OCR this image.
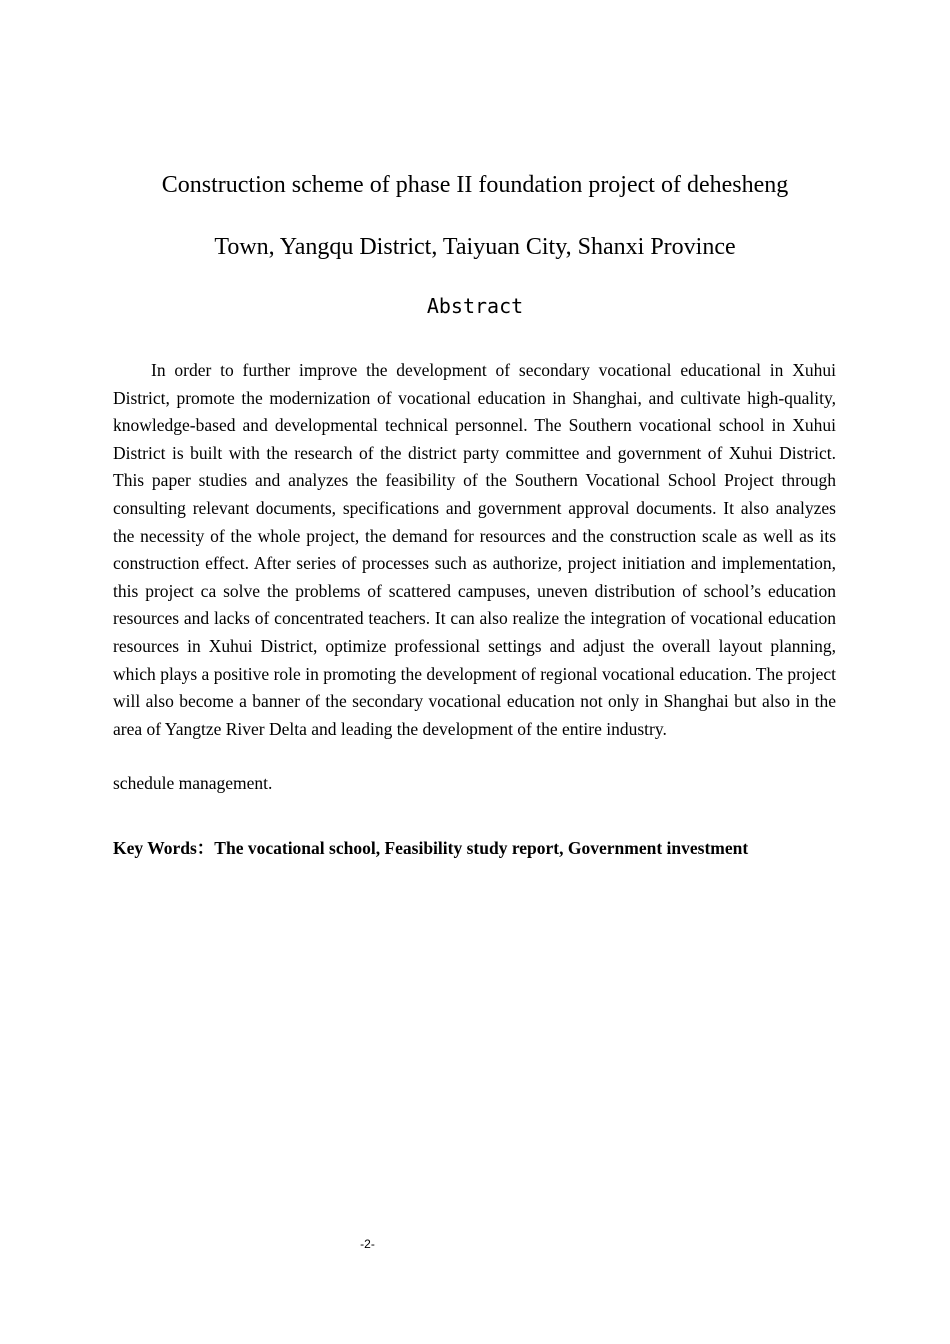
Construction scheme of phase II foundation project of dehesheng
Town, Yangqu District, Taiyuan City, Shanxi Province
Abstract

In order to further improve the development of secondary vocational educational in Xuhui District, promote the modernization of vocational education in Shanghai, and cultivate high-quality, knowledge-based and developmental technical personnel. The Southern vocational school in Xuhui District is built with the research of the district party committee and government of Xuhui District. This paper studies and analyzes the feasibility of the Southern Vocational School Project through consulting relevant documents, specifications and government approval documents. It also analyzes the necessity of the whole project, the demand for resources and the construction scale as well as its construction effect. After series of processes such as authorize, project initiation and implementation, this project ca solve the problems of scattered campuses, uneven distribution of school’s education resources and lacks of concentrated teachers. It can also realize the integration of vocational education resources in Xuhui District, optimize professional settings and adjust the overall layout planning, which plays a positive role in promoting the development of regional vocational education. The project will also become a banner of the secondary vocational education not only in Shanghai but also in the area of Yangtze River Delta and leading the development of the entire industry.

schedule management.

Key Words：The vocational school, Feasibility study report, Government investment

-2-
